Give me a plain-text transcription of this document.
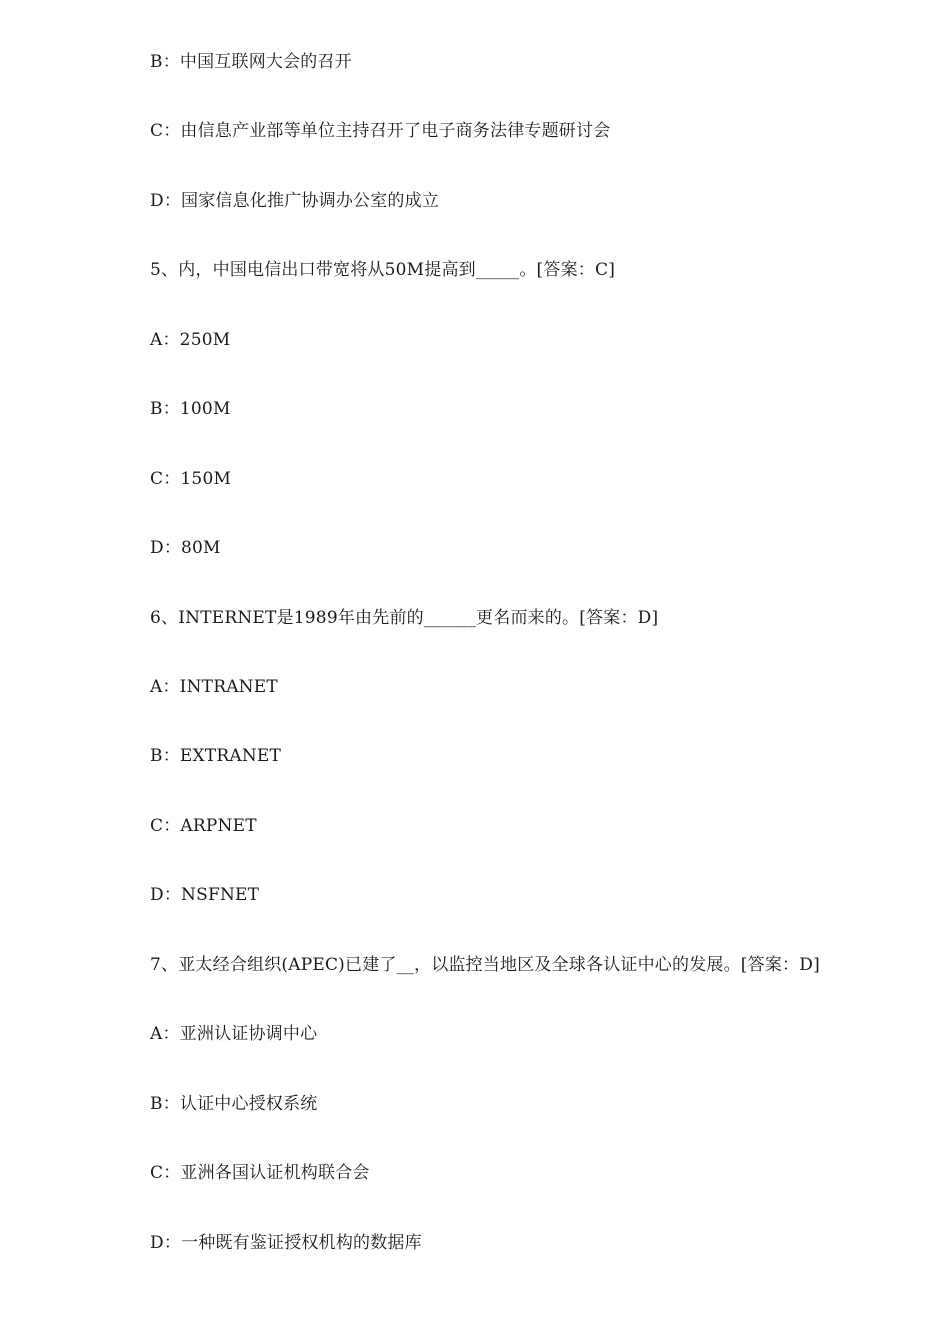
B：中国互联网大会的召开
C：由信息产业部等单位主持召开了电子商务法律专题研讨会
D：国家信息化推广协调办公室的成立
5、内，中国电信出口带宽将从50M提高到_____。[答案：C]
A：250M
B：100M
C：150M
D：80M
6、INTERNET是1989年由先前的______更名而来的。[答案：D]
A：INTRANET
B：EXTRANET
C：ARPNET
D：NSFNET
7、亚太经合组织(APEC)已建了__，以监控当地区及全球各认证中心的发展。[答案：D]
A：亚洲认证协调中心
B：认证中心授权系统
C：亚洲各国认证机构联合会
D：一种既有鉴证授权机构的数据库
